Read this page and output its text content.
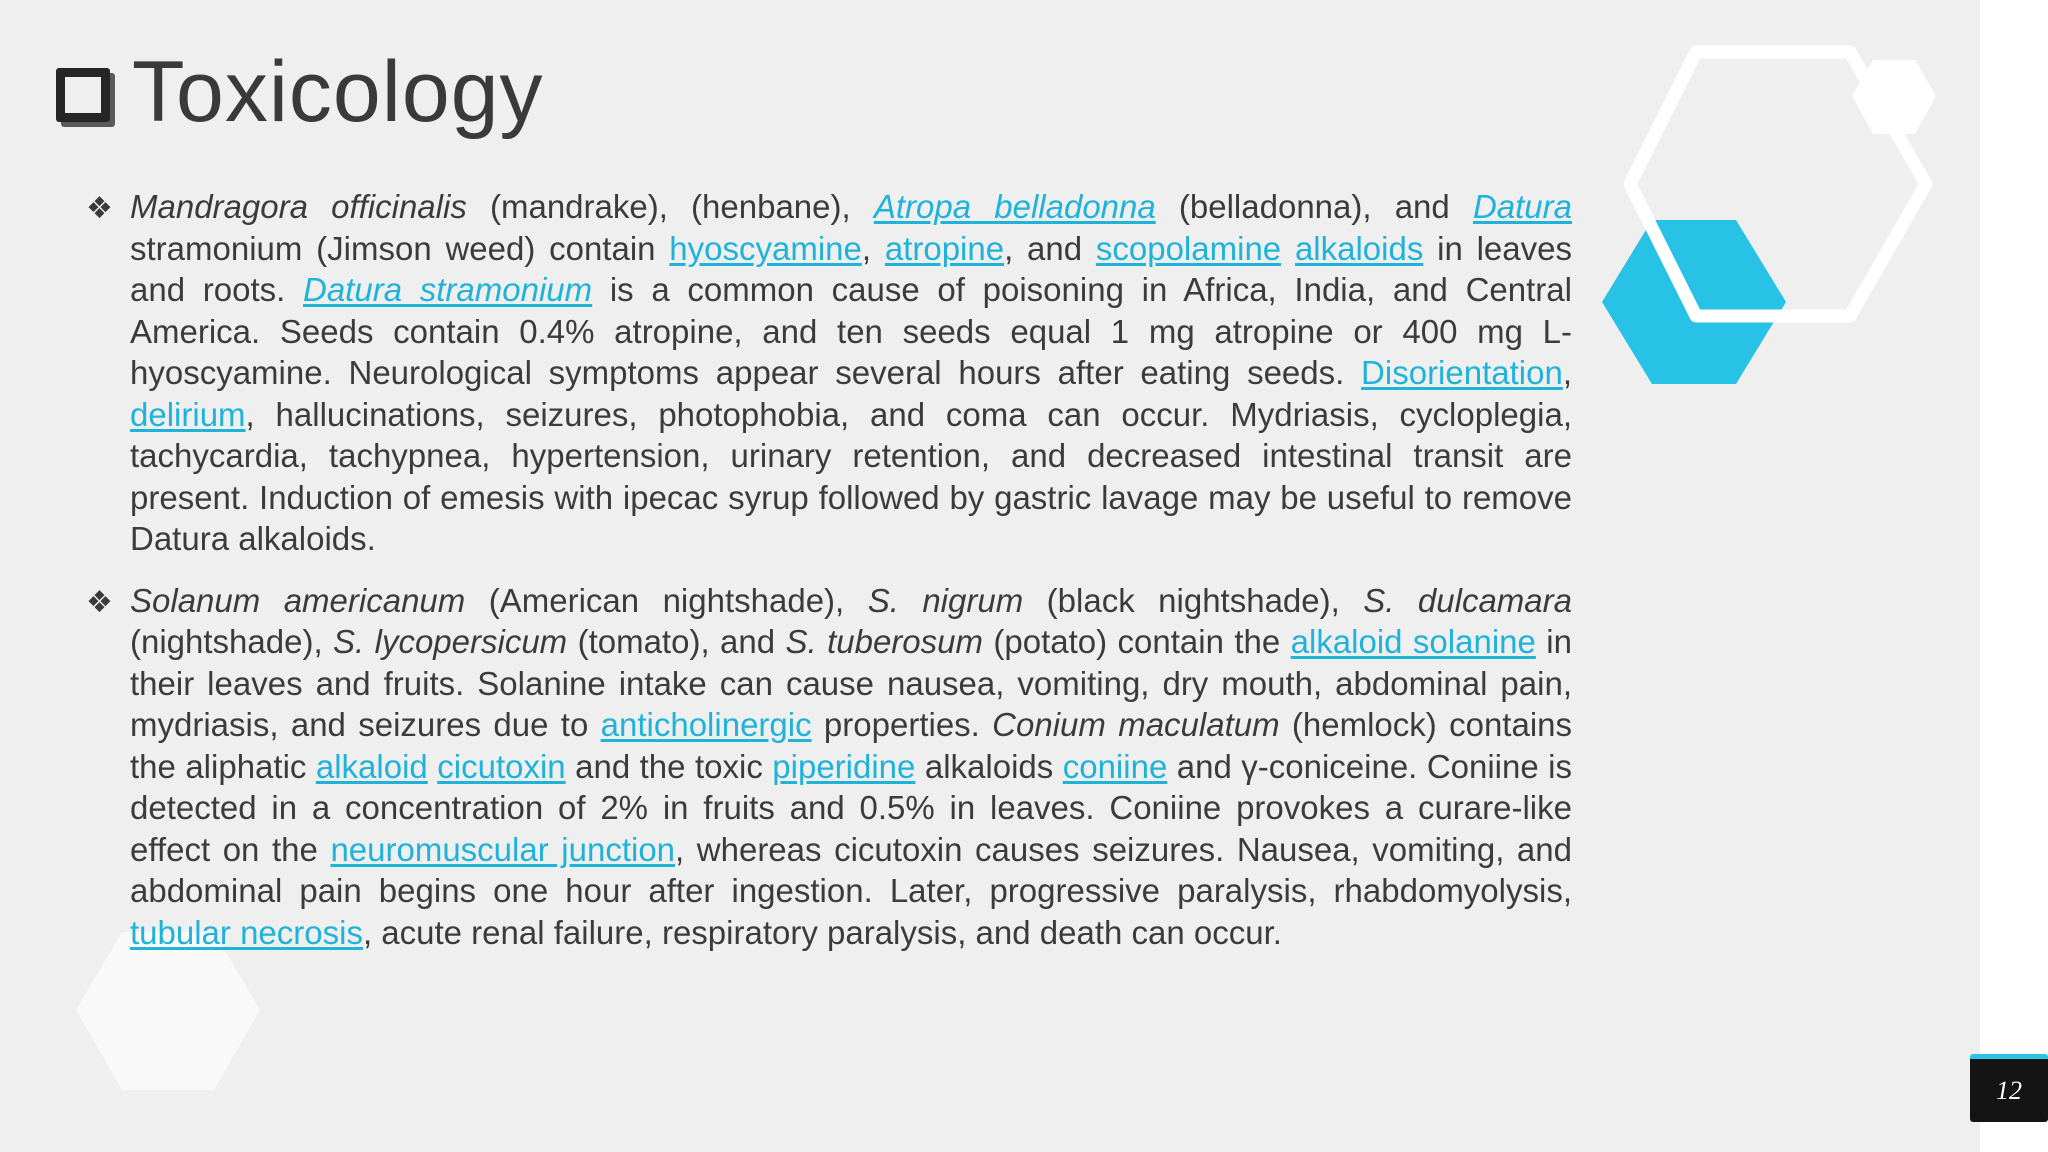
Toxicology
❖ Mandragora officinalis (mandrake), (henbane), Atropa belladonna (belladonna), and Datura stramonium (Jimson weed) contain hyoscyamine, atropine, and scopolamine alkaloids in leaves and roots. Datura stramonium is a common cause of poisoning in Africa, India, and Central America. Seeds contain 0.4% atropine, and ten seeds equal 1 mg atropine or 400 mg L-hyoscyamine. Neurological symptoms appear several hours after eating seeds. Disorientation, delirium, hallucinations, seizures, photophobia, and coma can occur. Mydriasis, cycloplegia, tachycardia, tachypnea, hypertension, urinary retention, and decreased intestinal transit are present. Induction of emesis with ipecac syrup followed by gastric lavage may be useful to remove Datura alkaloids.
❖ Solanum americanum (American nightshade), S. nigrum (black nightshade), S. dulcamara (nightshade), S. lycopersicum (tomato), and S. tuberosum (potato) contain the alkaloid solanine in their leaves and fruits. Solanine intake can cause nausea, vomiting, dry mouth, abdominal pain, mydriasis, and seizures due to anticholinergic properties. Conium maculatum (hemlock) contains the aliphatic alkaloid cicutoxin and the toxic piperidine alkaloids coniine and γ-coniceine. Coniine is detected in a concentration of 2% in fruits and 0.5% in leaves. Coniine provokes a curare-like effect on the neuromuscular junction, whereas cicutoxin causes seizures. Nausea, vomiting, and abdominal pain begins one hour after ingestion. Later, progressive paralysis, rhabdomyolysis, tubular necrosis, acute renal failure, respiratory paralysis, and death can occur.
12
